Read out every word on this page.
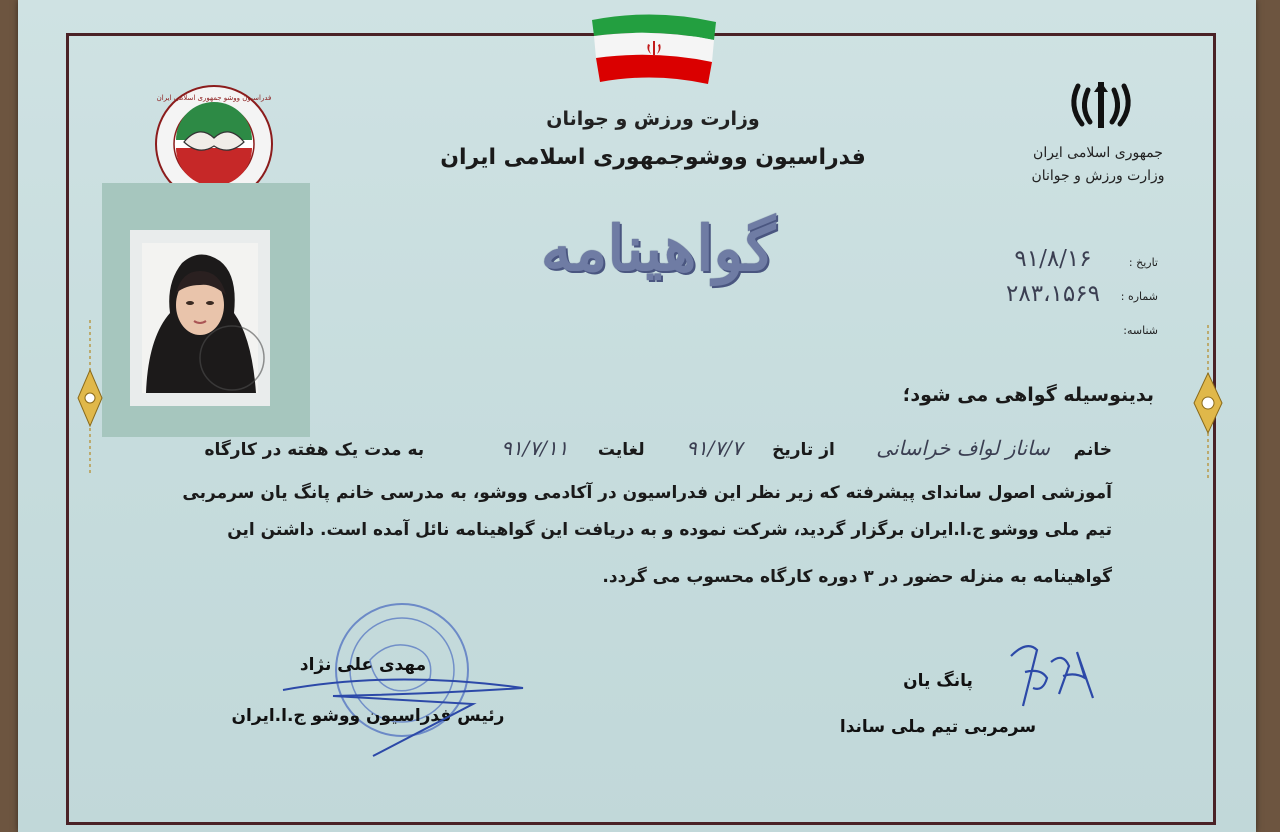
وزارت ورزش و جوانان
فدراسیون ووشوجمهوری اسلامی ایران
گواهینامه
جمهوری اسلامی ایران
وزارت ورزش و جوانان
فدراسیون ووشو جمهوری اسلامی ایران
تاریخ :
۹۱/۸/۱۶
شماره :
۲۸۳،۱۵۶۹
شناسه:
بدینوسیله گواهی می شود؛
خانم    ساناز لواف خراسانی       از تاریخ     ۹۱/۷/۷       لغایت     ۹۱/۷/۱۱             به مدت یک هفته در کارگاه
آموزشی اصول ساندای پیشرفته که زیر نظر این فدراسیون در آکادمی ووشو، به مدرسی خانم پانگ یان سرمربی
تیم ملی ووشو ج.ا.ایران برگزار گردید، شرکت نموده و به دریافت این گواهینامه نائل آمده است. داشتن این
گواهینامه به منزله حضور در ۳ دوره کارگاه محسوب می گردد.
مهدی علی نژاد
رئیس فدراسیون ووشو ج.ا.ایران
پانگ یان
سرمربی تیم ملی ساندا
